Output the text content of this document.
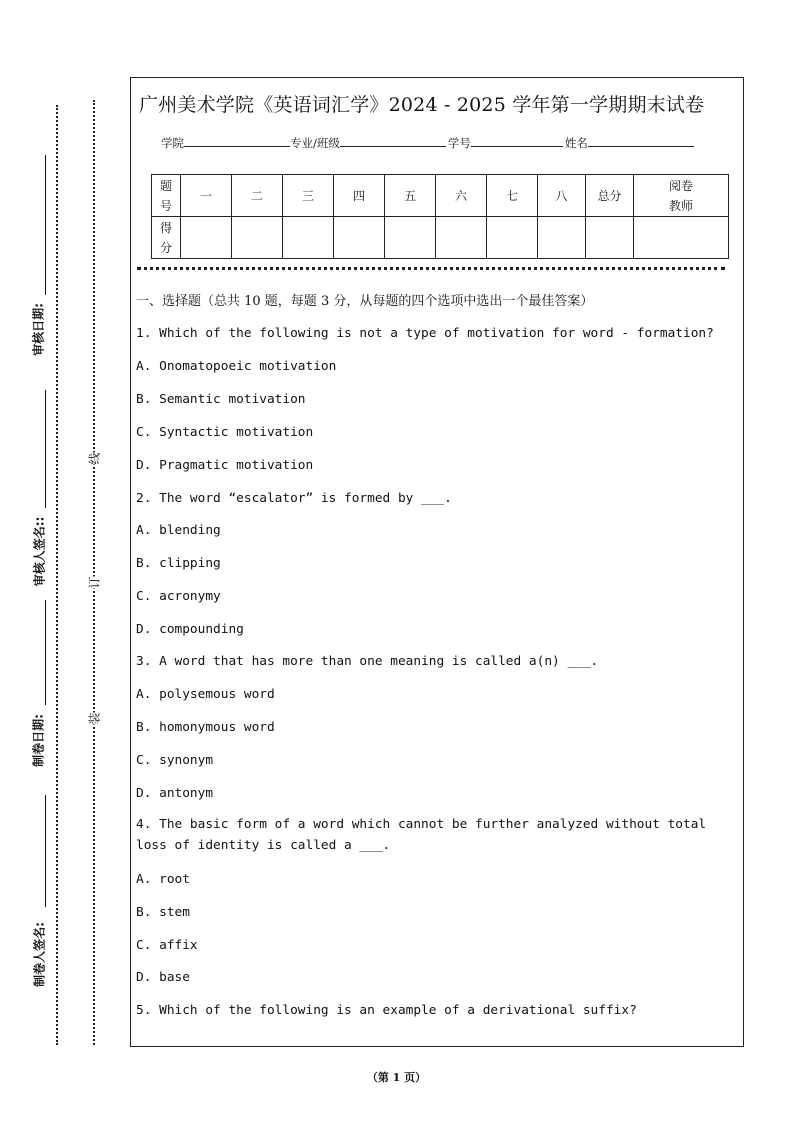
审核日期:
审核人签名::
制卷日期:
制卷人签名:
线
订
装
广州美术学院《英语词汇学》2024 - 2025 学年第一学期期末试卷
学院	专业/班级	学号	姓名
题号	一	二	三	四	五	六	七	八	总分	阅卷教师
得分										
一、选择题（总共 10 题，每题 3 分，从每题的四个选项中选出一个最佳答案）
1. Which of the following is not a type of motivation for word - formation?
A. Onomatopoeic motivation
B. Semantic motivation
C. Syntactic motivation
D. Pragmatic motivation
2. The word “escalator” is formed by ___.
A. blending
B. clipping
C. acronymy
D. compounding
3. A word that has more than one meaning is called a(n) ___.
A. polysemous word
B. homonymous word
C. synonym
D. antonym
4. The basic form of a word which cannot be further analyzed without total loss of identity is called a ___.
A. root
B. stem
C. affix
D. base
5. Which of the following is an example of a derivational suffix?
（第 1 页）
